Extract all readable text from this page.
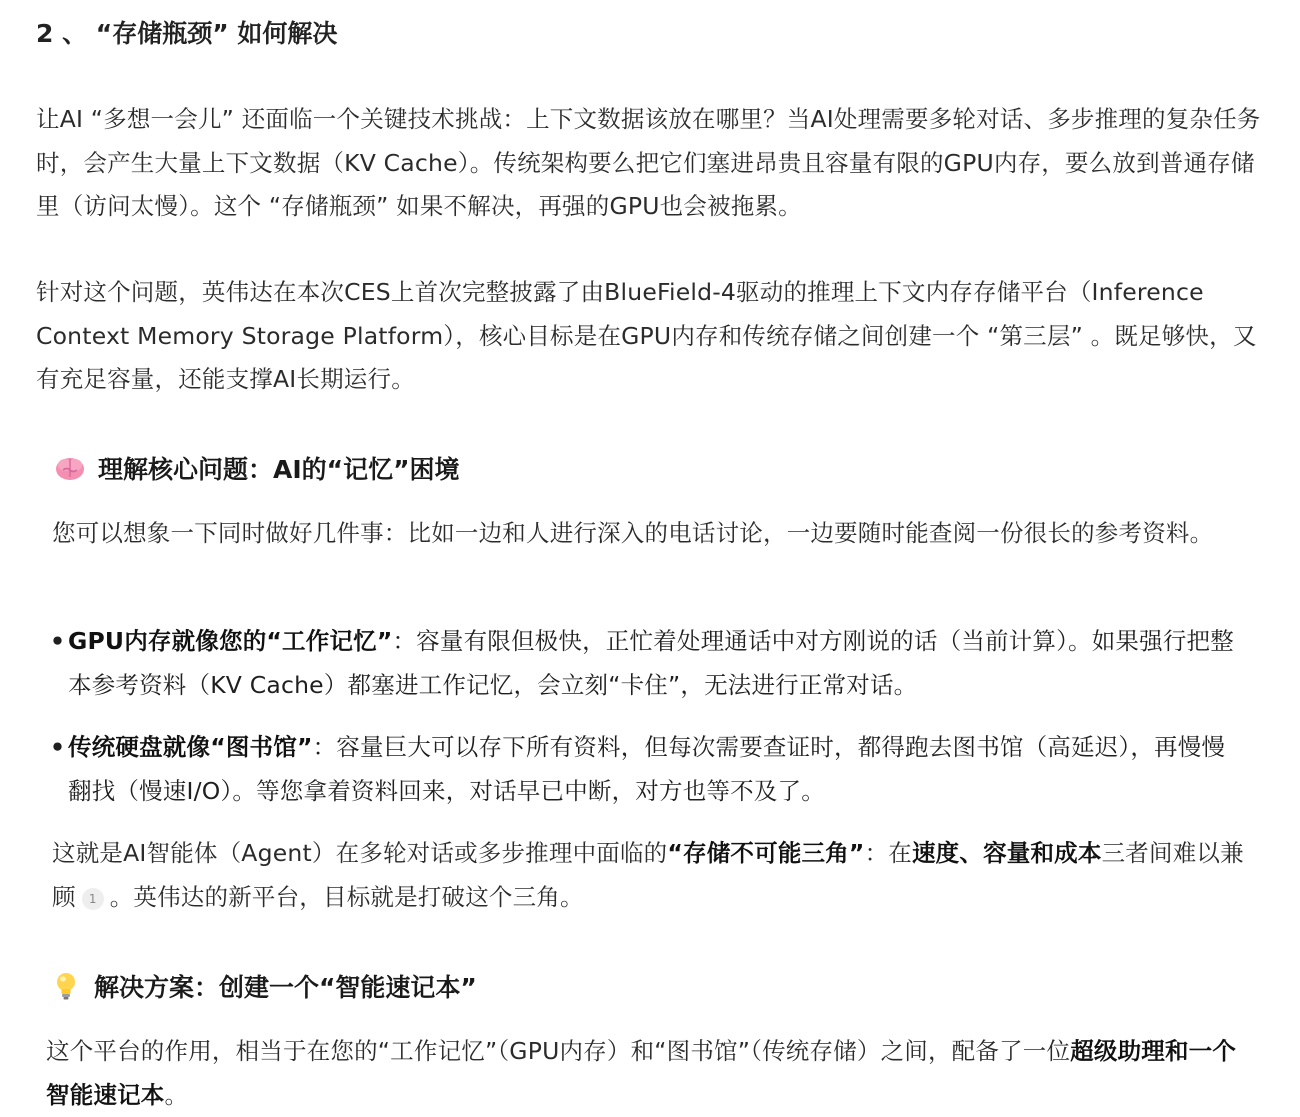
2 、 “存储瓶颈” 如何解决

让AI “多想一会儿” 还面临一个关键技术挑战：上下文数据该放在哪里？当AI处理需要多轮对话、多步推理的复杂任务时，会产生大量上下文数据（KV Cache）。传统架构要么把它们塞进昂贵且容量有限的GPU内存，要么放到普通存储里（访问太慢）。这个 “存储瓶颈” 如果不解决，再强的GPU也会被拖累。

针对这个问题，英伟达在本次CES上首次完整披露了由BlueField-4驱动的推理上下文内存存储平台（Inference Context Memory Storage Platform），核心目标是在GPU内存和传统存储之间创建一个 “第三层” 。既足够快，又有充足容量，还能支撑AI长期运行。

理解核心问题：AI的“记忆”困境

您可以想象一下同时做好几件事：比如一边和人进行深入的电话讨论，一边要随时能查阅一份很长的参考资料。

• GPU内存就像您的“工作记忆”：容量有限但极快，正忙着处理通话中对方刚说的话（当前计算）。如果强行把整本参考资料（KV Cache）都塞进工作记忆，会立刻“卡住”，无法进行正常对话。
• 传统硬盘就像“图书馆”：容量巨大可以存下所有资料，但每次需要查证时，都得跑去图书馆（高延迟），再慢慢翻找（慢速I/O）。等您拿着资料回来，对话早已中断，对方也等不及了。

这就是AI智能体（Agent）在多轮对话或多步推理中面临的“存储不可能三角”：在速度、容量和成本三者间难以兼顾 1 。英伟达的新平台，目标就是打破这个三角。

解决方案：创建一个“智能速记本”

这个平台的作用，相当于在您的“工作记忆”（GPU内存）和“图书馆”（传统存储）之间，配备了一位超级助理和一个智能速记本。
